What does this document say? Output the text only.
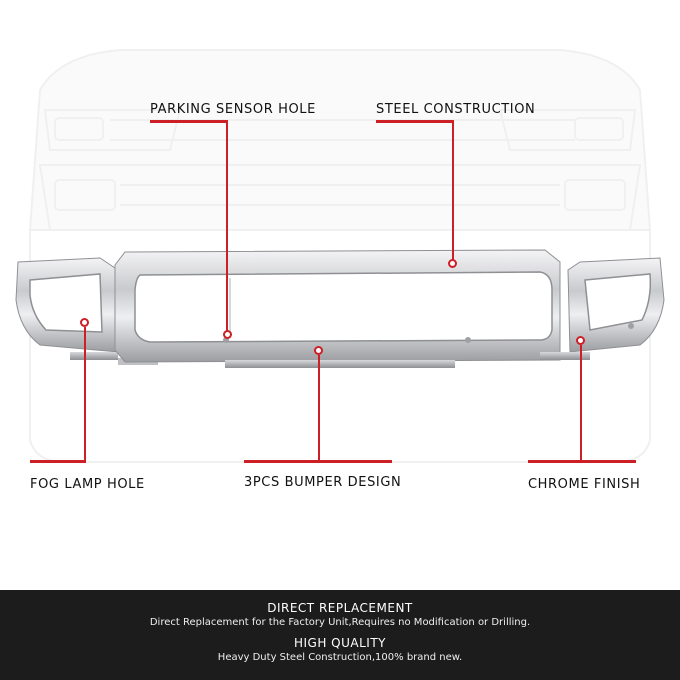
PARKING SENSOR HOLE	STEEL CONSTRUCTION
FOG LAMP HOLE	3PCS BUMPER DESIGN	CHROME FINISH
DIRECT REPLACEMENT
Direct Replacement for the Factory Unit,Requires no Modification or Drilling.
HIGH QUALITY
Heavy Duty Steel Construction,100% brand new.
